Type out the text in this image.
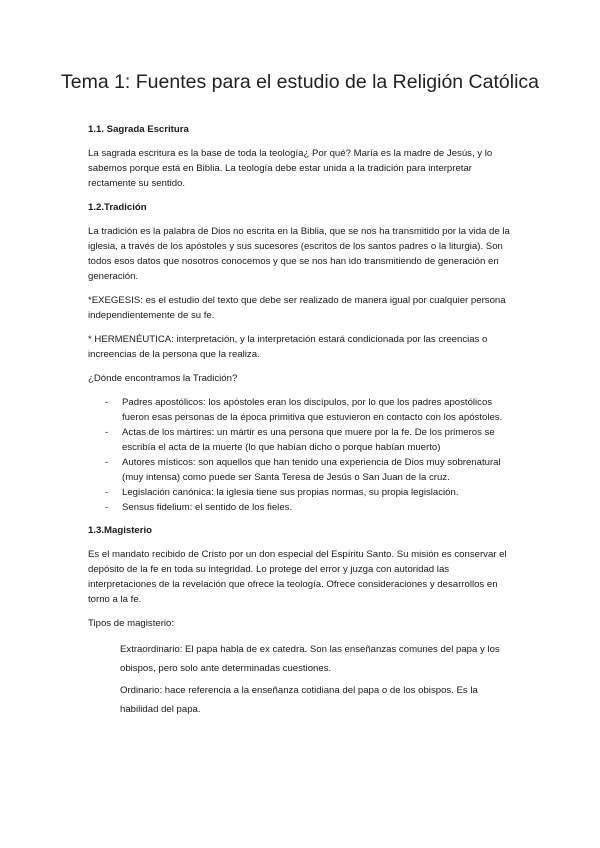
Tema 1: Fuentes para el estudio de la Religión Católica
1.1. Sagrada Escritura

La sagrada escritura es la base de toda la teología¿ Por qué? María es la madre de Jesús, y lo sabemos porque está en Biblia. La teología debe estar unida a la tradición para interpretar rectamente su sentido.

1.2.Tradición

La tradición es la palabra de Dios no escrita en la Biblia, que se nos ha transmitido por la vida de la iglesia, a través de los apóstoles y sus sucesores (escritos de los santos padres o la liturgia). Son todos esos datos que nosotros conocemos y que se nos han ido transmitiendo de generación en generación.

*EXEGESIS: es el estudio del texto que debe ser realizado de manera igual por cualquier persona independientemente de su fe.

* HERMENÉUTICA: interpretación, y la interpretación estará condicionada por las creencias o increencias de la persona que la realiza.

¿Dónde encontramos la Tradición?

- Padres apostólicos: los apóstoles eran los discípulos, por lo que los padres apostólicos fueron esas personas de la época primitiva que estuvieron en contacto con los apóstoles.
- Actas de los mártires: un mártir es una persona que muere por la fe. De los primeros se escribía el acta de la muerte (lo que habían dicho o porque habían muerto)
- Autores místicos: son aquellos que han tenido una experiencia de Dios muy sobrenatural (muy intensa) como puede ser Santa Teresa de Jesús o San Juan de la cruz.
- Legislación canónica: la iglesia tiene sus propias normas, su propia legislación.
- Sensus fidelium: el sentido de los fieles.
1.3.Magisterio

Es el mandato recibido de Cristo por un don especial del Espíritu Santo. Su misión es conservar el depósito de la fe en toda su integridad. Lo protege del error y juzga con autoridad las interpretaciones de la revelación que ofrece la teología. Ofrece consideraciones y desarrollos en torno a la fe.

Tipos de magisterio:

Extraordinario: El papa habla de ex catedra. Son las enseñanzas comunes del papa y los obispos, pero solo ante determinadas cuestiones.

Ordinario: hace referencia a la enseñanza cotidiana del papa o de los obispos. Es la habilidad del papa.
